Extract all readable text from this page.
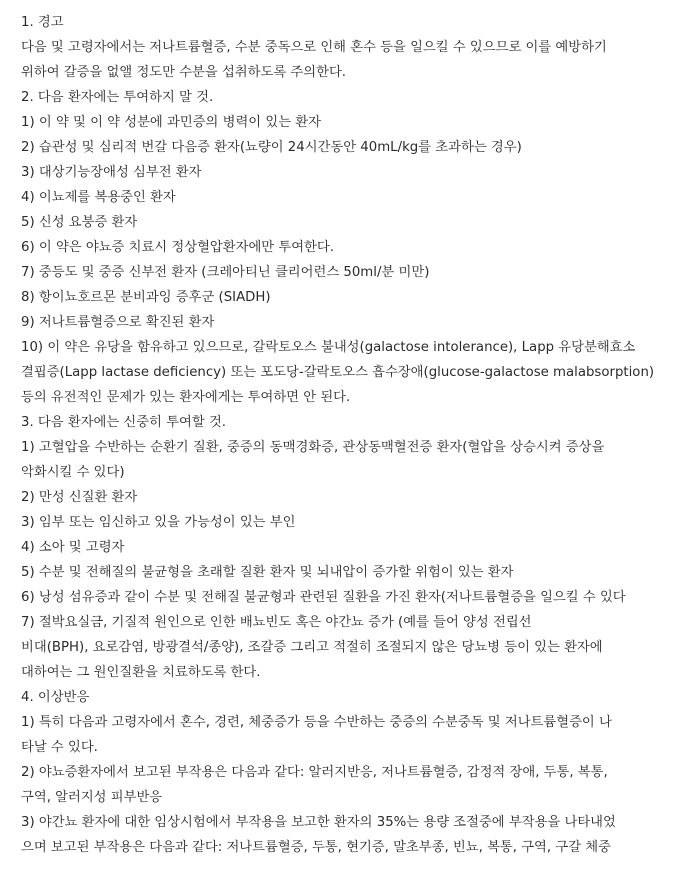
1. 경고
다음 및 고령자에서는 저나트륨혈증, 수분 중독으로 인해 혼수 등을 일으킬 수 있으므로 이를 예방하기
위하여 갈증을 없앨 정도만 수분을 섭취하도록 주의한다.
2. 다음 환자에는 투여하지 말 것.
1) 이 약 및 이 약 성분에 과민증의 병력이 있는 환자
2) 습관성 및 심리적 번갈 다음증 환자(뇨량이 24시간동안 40mL/kg를 초과하는 경우)
3) 대상기능장애성 심부전 환자
4) 이뇨제를 복용중인 환자
5) 신성 요붕증 환자
6) 이 약은 야뇨증 치료시 정상혈압환자에만 투여한다.
7) 중등도 및 중증 신부전 환자 (크레아티닌 클리어런스 50ml/분 미만)
8) 항이뇨호르몬 분비과잉 증후군 (SIADH)
9) 저나트륨혈증으로 확진된 환자
10) 이 약은 유당을 함유하고 있으므로, 갈락토오스 불내성(galactose intolerance), Lapp 유당분해효소
결핍증(Lapp lactase deficiency) 또는 포도당-갈락토오스 흡수장애(glucose-galactose malabsorption)
등의 유전적인 문제가 있는 환자에게는 투여하면 안 된다.
3. 다음 환자에는 신중히 투여할 것.
1) 고혈압을 수반하는 순환기 질환, 중증의 동맥경화증, 관상동맥혈전증 환자(혈압을 상승시켜 증상을
악화시킬 수 있다)
2) 만성 신질환 환자
3) 임부 또는 임신하고 있을 가능성이 있는 부인
4) 소아 및 고령자
5) 수분 및 전해질의 불균형을 초래할 질환 환자 및 뇌내압이 증가할 위험이 있는 환자
6) 낭성 섬유증과 같이 수분 및 전해질 불균형과 관련된 질환을 가진 환자(저나트륨혈증을 일으킬 수 있다
7) 절박요실금, 기질적 원인으로 인한 배뇨빈도 혹은 야간뇨 증가 (예를 들어 양성 전립선
비대(BPH), 요로감염, 방광결석/종양), 조갈증 그리고 적절히 조절되지 않은 당뇨병 등이 있는 환자에
대하여는 그 원인질환을 치료하도록 한다.
4. 이상반응
1) 특히 다음과 고령자에서 혼수, 경련, 체중증가 등을 수반하는 중증의 수분중독 및 저나트륨혈증이 나
타날 수 있다.
2) 야뇨증환자에서 보고된 부작용은 다음과 같다: 알러지반응, 저나트륨혈증, 감정적 장애, 두통, 복통,
구역, 알러지성 피부반응
3) 야간뇨 환자에 대한 임상시험에서 부작용을 보고한 환자의 35%는 용량 조절중에 부작용을 나타내었
으며 보고된 부작용은 다음과 같다: 저나트륨혈증, 두통, 현기증, 말초부종, 빈뇨, 복통, 구역, 구갈 체중
